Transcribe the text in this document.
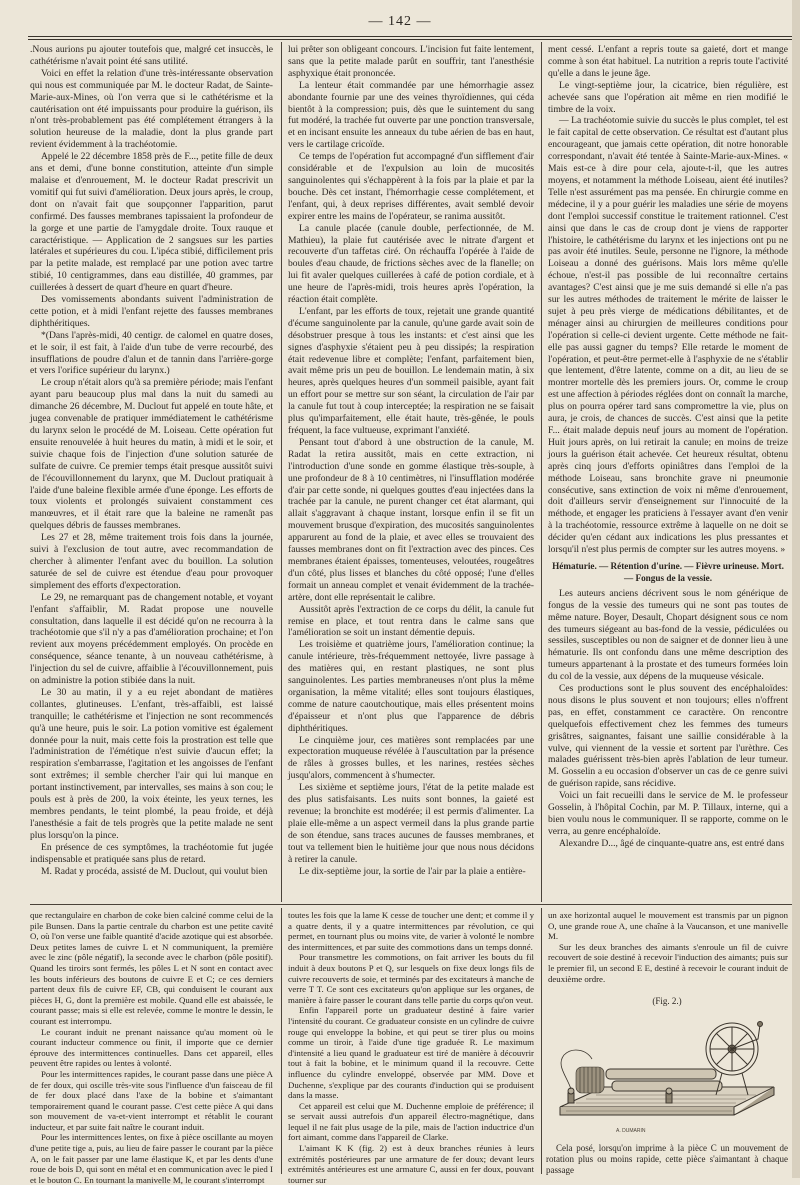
— 142 —

.Nous aurions pu ajouter toutefois que, malgré cet insuccès, le cathétérisme n'avait point été sans utilité.

Voici en effet la relation d'une très-intéressante observation qui nous est communiquée par M. le docteur Radat, de Sainte-Marie-aux-Mines, où l'on verra que si le cathétérisme et la cautérisation ont été impuissants pour produire la guérison, ils n'ont très-probablement pas été complétement étrangers à la solution heureuse de la maladie, dont la plus grande part revient évidemment à la trachéotomie.

Appelé le 22 décembre 1858 près de F..., petite fille de deux ans et demi, d'une bonne constitution, atteinte d'un simple malaise et d'enrouement, M. le docteur Radat prescrivit un vomitif qui fut suivi d'amélioration. Deux jours après, le croup, dont on n'avait fait que soupçonner l'apparition, parut confirmé. Des fausses membranes tapissaient la profondeur de la gorge et une partie de l'amygdale droite. Toux rauque et caractéristique. — Application de 2 sangsues sur les parties latérales et supérieures du cou. L'ipéca stibié, difficilement pris par la petite malade, est remplacé par une potion avec tartre stibié, 10 centigrammes, dans eau distillée, 40 grammes, par cuillerées à dessert de quart d'heure en quart d'heure.

Des vomissements abondants suivent l'administration de cette potion, et à midi l'enfant rejette des fausses membranes diphthéritiques.

*(Dans l'après-midi, 40 centigr. de calomel en quatre doses, et le soir, il est fait, à l'aide d'un tube de verre recourbé, des insufflations de poudre d'alun et de tannin dans l'arrière-gorge et vers l'orifice supérieur du larynx.)

Le croup n'était alors qu'à sa première période; mais l'enfant ayant paru beaucoup plus mal dans la nuit du samedi au dimanche 26 décembre, M. Duclout fut appelé en toute hâte, et jugea convenable de pratiquer immédiatement le cathétérisme du larynx selon le procédé de M. Loiseau. Cette opération fut ensuite renouvelée à huit heures du matin, à midi et le soir, et suivie chaque fois de l'injection d'une solution saturée de sulfate de cuivre. Ce premier temps était presque aussitôt suivi de l'écouvillonnement du larynx, que M. Duclout pratiquait à l'aide d'une baleine flexible armée d'une éponge. Les efforts de toux violents et prolongés suivaient constamment ces manœuvres, et il était rare que la baleine ne ramenât pas quelques débris de fausses membranes.

Les 27 et 28, même traitement trois fois dans la journée, suivi à l'exclusion de tout autre, avec recommandation de chercher à alimenter l'enfant avec du bouillon. La solution saturée de sel de cuivre est étendue d'eau pour provoquer simplement des efforts d'expectoration.

Le 29, ne remarquant pas de changement notable, et voyant l'enfant s'affaiblir, M. Radat propose une nouvelle consultation, dans laquelle il est décidé qu'on ne recourra à la trachéotomie que s'il n'y a pas d'amélioration prochaine; et l'on revient aux moyens précédemment employés. On procède en conséquence, séance tenante, à un nouveau cathétérisme, à l'injection du sel de cuivre, affaiblie à l'écouvillonnement, puis on administre la potion stibiée dans la nuit.

Le 30 au matin, il y a eu rejet abondant de matières collantes, glutineuses. L'enfant, très-affaibli, est laissé tranquille; le cathétérisme et l'injection ne sont recommencés qu'à une heure, puis le soir. La potion vomitive est également donnée pour la nuit, mais cette fois la prostration est telle que l'administration de l'émétique n'est suivie d'aucun effet; la respiration s'embarrasse, l'agitation et les angoisses de l'enfant sont extrêmes; il semble chercher l'air qui lui manque en portant instinctivement, par intervalles, ses mains à son cou; le pouls est à près de 200, la voix éteinte, les yeux ternes, les membres pendants, le teint plombé, la peau froide, et déjà l'anesthésie a fait de tels progrès que la petite malade ne sent plus lorsqu'on la pince.

En présence de ces symptômes, la trachéotomie fut jugée indispensable et pratiquée sans plus de retard.

M. Radat y procéda, assisté de M. Duclout, qui voulut bien

lui prêter son obligeant concours. L'incision fut faite lentement, sans que la petite malade parût en souffrir, tant l'anesthésie asphyxique était prononcée.

La lenteur était commandée par une hémorrhagie assez abondante fournie par une des veines thyroïdiennes, qui céda bientôt à la compression; puis, dès que le suintement du sang fut modéré, la trachée fut ouverte par une ponction transversale, et en incisant ensuite les anneaux du tube aérien de bas en haut, vers le cartilage cricoïde.

Ce temps de l'opération fut accompagné d'un sifflement d'air considérable et de l'expulsion au loin de mucosités sanguinolentes qui s'échappèrent à la fois par la plaie et par la bouche. Dès cet instant, l'hémorrhagie cesse complétement, et l'enfant, qui, à deux reprises différentes, avait semblé devoir expirer entre les mains de l'opérateur, se ranima aussitôt.

La canule placée (canule double, perfectionnée, de M. Mathieu), la plaie fut cautérisée avec le nitrate d'argent et recouverte d'un taffetas ciré. On réchauffa l'opérée à l'aide de boules d'eau chaude, de frictions sèches avec de la flanelle; on lui fit avaler quelques cuillerées à café de potion cordiale, et à une heure de l'après-midi, trois heures après l'opération, la réaction était complète.

L'enfant, par les efforts de toux, rejetait une grande quantité d'écume sanguinolente par la canule, qu'une garde avait soin de désobstruer presque à tous les instants: et c'est ainsi que les signes d'asphyxie s'étaient peu à peu dissipés; la respiration était redevenue libre et complète; l'enfant, parfaitement bien, avait même pris un peu de bouillon. Le lendemain matin, à six heures, après quelques heures d'un sommeil paisible, ayant fait un effort pour se mettre sur son séant, la circulation de l'air par la canule fut tout à coup interceptée; la respiration ne se faisait plus qu'imparfaitement, elle était haute, très-gênée, le pouls fréquent, la face vultueuse, exprimant l'anxiété.

Pensant tout d'abord à une obstruction de la canule, M. Radat la retira aussitôt, mais en cette extraction, ni l'introduction d'une sonde en gomme élastique très-souple, à une profondeur de 8 à 10 centimètres, ni l'insufflation modérée d'air par cette sonde, ni quelques gouttes d'eau injectées dans la trachée par la canule, ne purent changer cet état alarmant, qui allait s'aggravant à chaque instant, lorsque enfin il se fit un mouvement brusque d'expiration, des mucosités sanguinolentes apparurent au fond de la plaie, et avec elles se trouvaient des fausses membranes dont on fit l'extraction avec des pinces. Ces membranes étaient épaisses, tomenteuses, veloutées, rougeâtres d'un côté, plus lisses et blanches du côté opposé; l'une d'elles formait un anneau complet et venait évidemment de la trachée-artère, dont elle représentait le calibre.

Aussitôt après l'extraction de ce corps du délit, la canule fut remise en place, et tout rentra dans le calme sans que l'amélioration se soit un instant démentie depuis.

Les troisième et quatrième jours, l'amélioration continue; la canule intérieure, très-fréquemment nettoyée, livre passage à des matières qui, en restant plastiques, ne sont plus sanguinolentes. Les parties membraneuses n'ont plus la même organisation, la même vitalité; elles sont toujours élastiques, comme de nature caoutchoutique, mais elles présentent moins d'épaisseur et n'ont plus que l'apparence de débris diphthéritiques.

Le cinquième jour, ces matières sont remplacées par une expectoration muqueuse révélée à l'auscultation par la présence de râles à grosses bulles, et les narines, restées sèches jusqu'alors, commencent à s'humecter.

Les sixième et septième jours, l'état de la petite malade est des plus satisfaisants. Les nuits sont bonnes, la gaieté est revenue; la bronchite est modérée; il est permis d'alimenter. La plaie elle-même a un aspect vermeil dans la plus grande partie de son étendue, sans traces aucunes de fausses membranes, et tout va tellement bien le huitième jour que nous nous décidons à retirer la canule.

Le dix-septième jour, la sortie de l'air par la plaie a entière-

ment cessé. L'enfant a repris toute sa gaieté, dort et mange comme à son état habituel. La nutrition a repris toute l'activité qu'elle a dans le jeune âge.

Le vingt-septième jour, la cicatrice, bien régulière, est achevée sans que l'opération ait même en rien modifié le timbre de la voix.

— La trachéotomie suivie du succès le plus complet, tel est le fait capital de cette observation. Ce résultat est d'autant plus encourageant, que jamais cette opération, dit notre honorable correspondant, n'avait été tentée à Sainte-Marie-aux-Mines. « Mais est-ce à dire pour cela, ajoute-t-il, que les autres moyens, et notamment la méthode Loiseau, aient été inutiles? Telle n'est assurément pas ma pensée. En chirurgie comme en médecine, il y a pour guérir les maladies une série de moyens dont l'emploi successif constitue le traitement rationnel. C'est ainsi que dans le cas de croup dont je viens de rapporter l'histoire, le cathétérisme du larynx et les injections ont pu ne pas avoir été inutiles. Seule, personne ne l'ignore, la méthode Loiseau a donné des guérisons. Mais lors même qu'elle échoue, n'est-il pas possible de lui reconnaître certains avantages? C'est ainsi que je me suis demandé si elle n'a pas sur les autres méthodes de traitement le mérite de laisser le sujet à peu près vierge de médications débilitantes, et de ménager ainsi au chirurgien de meilleures conditions pour l'opération si celle-ci devient urgente. Cette méthode ne fait-elle pas aussi gagner du temps? Elle retarde le moment de l'opération, et peut-être permet-elle à l'asphyxie de ne s'établir que lentement, d'être latente, comme on a dit, au lieu de se montrer mortelle dès les premiers jours. Or, comme le croup est une affection à périodes réglées dont on connaît la marche, plus on pourra opérer tard sans compromettre la vie, plus on aura, je crois, de chances de succès. C'est ainsi que la petite F... était malade depuis neuf jours au moment de l'opération. Huit jours après, on lui retirait la canule; en moins de treize jours la guérison était achevée. Cet heureux résultat, obtenu après cinq jours d'efforts opiniâtres dans l'emploi de la méthode Loiseau, sans bronchite grave ni pneumonie consécutive, sans extinction de voix ni même d'enrouement, doit d'ailleurs servir d'enseignement sur l'innocuité de la méthode, et engager les praticiens à l'essayer avant d'en venir à la trachéotomie, ressource extrême à laquelle on ne doit se décider qu'en cédant aux indications les plus pressantes et lorsqu'il n'est plus permis de compter sur les autres moyens. »

Hématurie. — Rétention d'urine. — Fièvre urineuse. Mort. — Fongus de la vessie.

Les auteurs anciens décrivent sous le nom générique de fongus de la vessie des tumeurs qui ne sont pas toutes de même nature. Boyer, Desault, Chopart désignent sous ce nom des tumeurs siégeant au bas-fond de la vessie, pédiculées ou sessiles, susceptibles ou non de saigner et de donner lieu à une hématurie. Ils ont confondu dans une même description des tumeurs appartenant à la prostate et des tumeurs formées loin du col de la vessie, aux dépens de la muqueuse vésicale.

Ces productions sont le plus souvent des encéphaloïdes: nous disons le plus souvent et non toujours; elles n'offrent pas, en effet, constamment ce caractère. On rencontre quelquefois effectivement chez les femmes des tumeurs grisâtres, saignantes, faisant une saillie considérable à la vulve, qui viennent de la vessie et sortent par l'urèthre. Ces malades guérissent très-bien après l'ablation de leur tumeur. M. Gosselin a eu occasion d'observer un cas de ce genre suivi de guérison rapide, sans récidive.

Voici un fait recueilli dans le service de M. le professeur Gosselin, à l'hôpital Cochin, par M. P. Tillaux, interne, qui a bien voulu nous le communiquer. Il se rapporte, comme on le verra, au genre encéphaloïde.

Alexandre D..., âgé de cinquante-quatre ans, est entré dans

que rectangulaire en charbon de coke bien calciné comme celui de la pile Bunsen. Dans la partie centrale du charbon est une petite cavité O, où l'on verse une faible quantité d'acide azotique qui est absorbée. Deux petites lames de cuivre L et N communiquent, la première avec le zinc (pôle négatif), la seconde avec le charbon (pôle positif). Quand les tiroirs sont fermés, les pôles L et N sont en contact avec les bouts inférieurs des boutons de cuivre E et C; ce ces derniers partent deux fils de cuivre EF, CB, qui conduisent le courant aux pièces H, G, dont la première est mobile. Quand elle est abaissée, le courant passe; mais si elle est relevée, comme le montre le dessin, le courant est interrompu.

Le courant induit ne prenant naissance qu'au moment où le courant inducteur commence ou finit, il importe que ce dernier éprouve des intermittences continuelles. Dans cet appareil, elles peuvent être rapides ou lentes à volonté.

Pour les intermittences rapides, le courant passe dans une pièce A de fer doux, qui oscille très-vite sous l'influence d'un faisceau de fil de fer doux placé dans l'axe de la bobine et s'aimantant temporairement quand le courant passe. C'est cette pièce A qui dans son mouvement de va-et-vient interrompt et rétablit le courant inducteur, et par suite fait naître le courant induit.

Pour les intermittences lentes, on fixe à pièce oscillante au moyen d'une petite tige a, puis, au lieu de faire passer le courant par la pièce A, on le fait passer par une lame élastique K, et par les dents d'une roue de bois D, qui sont en métal et en communication avec le pied I et le bouton C. En tournant la manivelle M, le courant s'interrompt

toutes les fois que la lame K cesse de toucher une dent; et comme il y a quatre dents, il y a quatre intermittences par révolution, ce qui permet, en tournant plus ou moins vite, de varier à volonté le nombre des intermittences, et par suite des commotions dans un temps donné.

Pour transmettre les commotions, on fait arriver les bouts du fil induit à deux boutons P et Q, sur lesquels on fixe deux longs fils de cuivre recouverts de soie, et terminés par des excitateurs à manche de verre T T. Ce sont ces excitateurs qu'on applique sur les organes, de manière à faire passer le courant dans telle partie du corps qu'on veut.

Enfin l'appareil porte un graduateur destiné à faire varier l'intensité du courant. Ce graduateur consiste en un cylindre de cuivre rouge qui enveloppe la bobine, et qui peut se tirer plus ou moins comme un tiroir, à l'aide d'une tige graduée R. Le maximum d'intensité a lieu quand le graduateur est tiré de manière à découvrir tout à fait la bobine, et le minimum quand il la recouvre. Cette influence du cylindre enveloppé, observée par MM. Dove et Duchenne, s'explique par des courants d'induction qui se produisent dans la masse.

Cet appareil est celui que M. Duchenne emploie de préférence; il se servait aussi autrefois d'un appareil électro-magnétique, dans lequel il ne fait plus usage de la pile, mais de l'action inductrice d'un fort aimant, comme dans l'appareil de Clarke.

L'aimant K K (fig. 2) est à deux branches réunies à leurs extrémités postérieures par une armature de fer doux; devant leurs extrémités antérieures est une armature C, aussi en fer doux, pouvant tourner sur

un axe horizontal auquel le mouvement est transmis par un pignon O, une grande roue A, une chaîne à la Vaucanson, et une manivelle M.

Sur les deux branches des aimants s'enroule un fil de cuivre recouvert de soie destiné à recevoir l'induction des aimants; puis sur le premier fil, un second E E, destiné à recevoir le courant induit de deuxième ordre.

(Fig. 2.)
A. DUMARIN
Cela posé, lorsqu'on imprime à la pièce C un mouvement de rotation plus ou moins rapide, cette pièce s'aimantant à chaque passage
